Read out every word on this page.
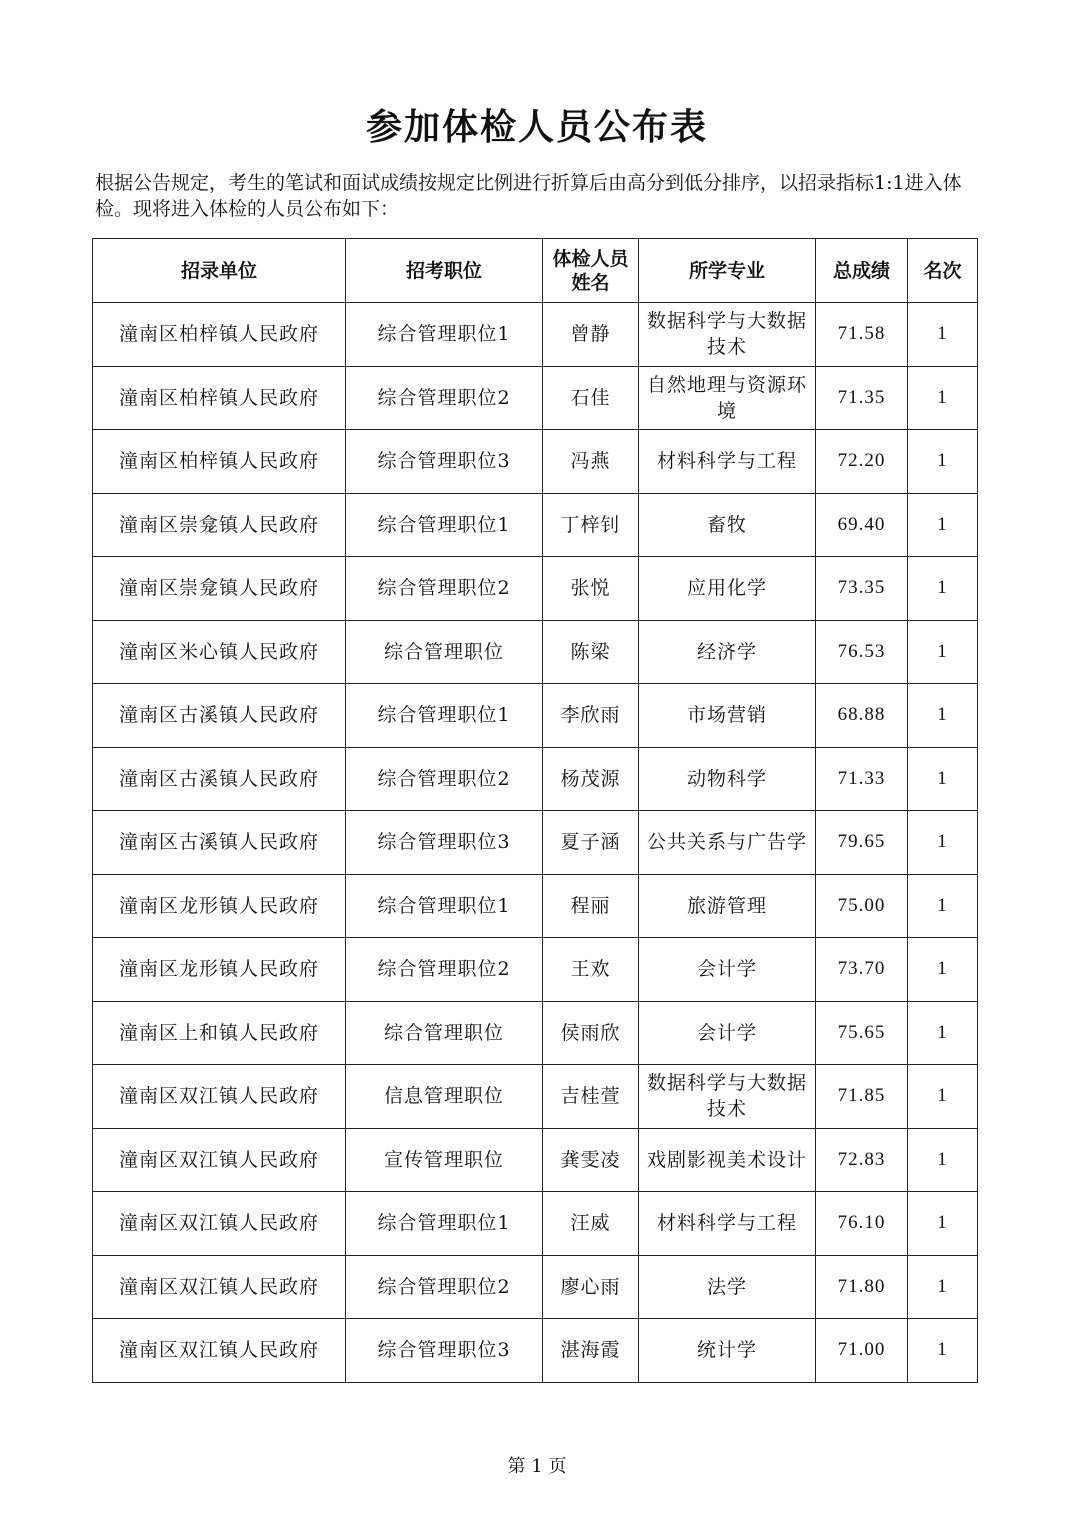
参加体检人员公布表
根据公告规定，考生的笔试和面试成绩按规定比例进行折算后由高分到低分排序，以招录指标1:1进入体检。现将进入体检的人员公布如下：
招录单位	招考职位	体检人员姓名	所学专业	总成绩	名次
潼南区柏梓镇人民政府	综合管理职位1	曾静	数据科学与大数据技术	71.58	1
潼南区柏梓镇人民政府	综合管理职位2	石佳	自然地理与资源环境	71.35	1
潼南区柏梓镇人民政府	综合管理职位3	冯燕	材料科学与工程	72.20	1
潼南区崇龛镇人民政府	综合管理职位1	丁梓钊	畜牧	69.40	1
潼南区崇龛镇人民政府	综合管理职位2	张悦	应用化学	73.35	1
潼南区米心镇人民政府	综合管理职位	陈梁	经济学	76.53	1
潼南区古溪镇人民政府	综合管理职位1	李欣雨	市场营销	68.88	1
潼南区古溪镇人民政府	综合管理职位2	杨茂源	动物科学	71.33	1
潼南区古溪镇人民政府	综合管理职位3	夏子涵	公共关系与广告学	79.65	1
潼南区龙形镇人民政府	综合管理职位1	程丽	旅游管理	75.00	1
潼南区龙形镇人民政府	综合管理职位2	王欢	会计学	73.70	1
潼南区上和镇人民政府	综合管理职位	侯雨欣	会计学	75.65	1
潼南区双江镇人民政府	信息管理职位	吉桂萱	数据科学与大数据技术	71.85	1
潼南区双江镇人民政府	宣传管理职位	龚雯凌	戏剧影视美术设计	72.83	1
潼南区双江镇人民政府	综合管理职位1	汪威	材料科学与工程	76.10	1
潼南区双江镇人民政府	综合管理职位2	廖心雨	法学	71.80	1
潼南区双江镇人民政府	综合管理职位3	湛海霞	统计学	71.00	1
第 1 页
